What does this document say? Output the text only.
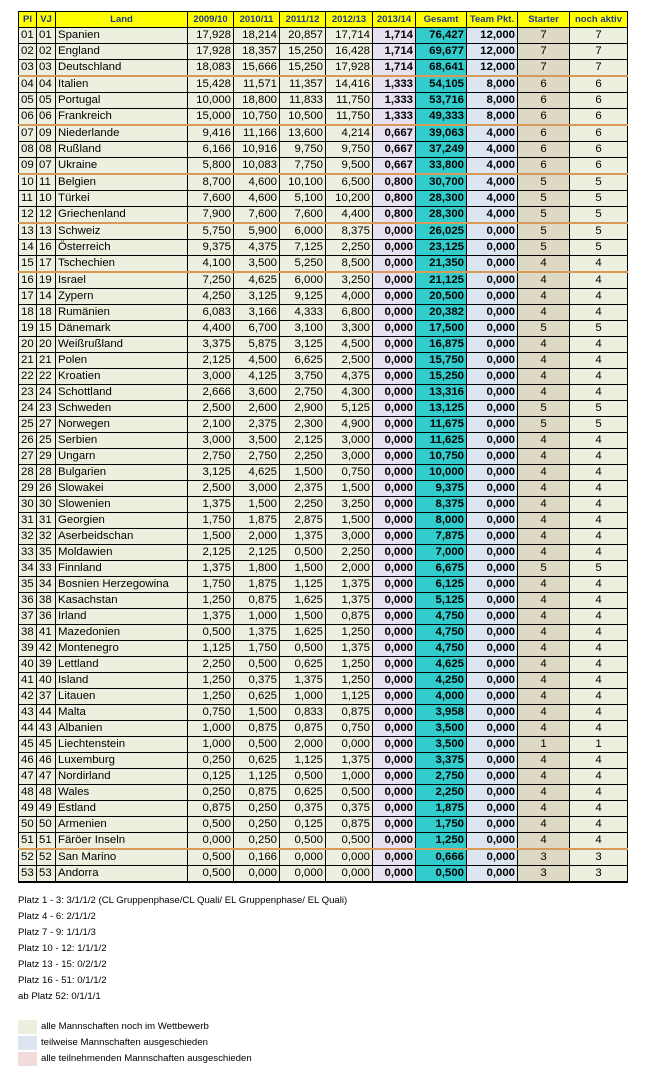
Pl	VJ	Land	2009/10	2010/11	2011/12	2012/13	2013/14	Gesamt	Team Pkt.	Starter	noch aktiv
01	01	Spanien	17,928	18,214	20,857	17,714	1,714	76,427	12,000	7	7
02	02	England	17,928	18,357	15,250	16,428	1,714	69,677	12,000	7	7
03	03	Deutschland	18,083	15,666	15,250	17,928	1,714	68,641	12,000	7	7
04	04	Italien	15,428	11,571	11,357	14,416	1,333	54,105	8,000	6	6
05	05	Portugal	10,000	18,800	11,833	11,750	1,333	53,716	8,000	6	6
06	06	Frankreich	15,000	10,750	10,500	11,750	1,333	49,333	8,000	6	6
07	09	Niederlande	9,416	11,166	13,600	4,214	0,667	39,063	4,000	6	6
08	08	Rußland	6,166	10,916	9,750	9,750	0,667	37,249	4,000	6	6
09	07	Ukraine	5,800	10,083	7,750	9,500	0,667	33,800	4,000	6	6
10	11	Belgien	8,700	4,600	10,100	6,500	0,800	30,700	4,000	5	5
11	10	Türkei	7,600	4,600	5,100	10,200	0,800	28,300	4,000	5	5
12	12	Griechenland	7,900	7,600	7,600	4,400	0,800	28,300	4,000	5	5
13	13	Schweiz	5,750	5,900	6,000	8,375	0,000	26,025	0,000	5	5
14	16	Österreich	9,375	4,375	7,125	2,250	0,000	23,125	0,000	5	5
15	17	Tschechien	4,100	3,500	5,250	8,500	0,000	21,350	0,000	4	4
16	19	Israel	7,250	4,625	6,000	3,250	0,000	21,125	0,000	4	4
17	14	Zypern	4,250	3,125	9,125	4,000	0,000	20,500	0,000	4	4
18	18	Rumänien	6,083	3,166	4,333	6,800	0,000	20,382	0,000	4	4
19	15	Dänemark	4,400	6,700	3,100	3,300	0,000	17,500	0,000	5	5
20	20	Weißrußland	3,375	5,875	3,125	4,500	0,000	16,875	0,000	4	4
21	21	Polen	2,125	4,500	6,625	2,500	0,000	15,750	0,000	4	4
22	22	Kroatien	3,000	4,125	3,750	4,375	0,000	15,250	0,000	4	4
23	24	Schottland	2,666	3,600	2,750	4,300	0,000	13,316	0,000	4	4
24	23	Schweden	2,500	2,600	2,900	5,125	0,000	13,125	0,000	5	5
25	27	Norwegen	2,100	2,375	2,300	4,900	0,000	11,675	0,000	5	5
26	25	Serbien	3,000	3,500	2,125	3,000	0,000	11,625	0,000	4	4
27	29	Ungarn	2,750	2,750	2,250	3,000	0,000	10,750	0,000	4	4
28	28	Bulgarien	3,125	4,625	1,500	0,750	0,000	10,000	0,000	4	4
29	26	Slowakei	2,500	3,000	2,375	1,500	0,000	9,375	0,000	4	4
30	30	Slowenien	1,375	1,500	2,250	3,250	0,000	8,375	0,000	4	4
31	31	Georgien	1,750	1,875	2,875	1,500	0,000	8,000	0,000	4	4
32	32	Aserbeidschan	1,500	2,000	1,375	3,000	0,000	7,875	0,000	4	4
33	35	Moldawien	2,125	2,125	0,500	2,250	0,000	7,000	0,000	4	4
34	33	Finnland	1,375	1,800	1,500	2,000	0,000	6,675	0,000	5	5
35	34	Bosnien Herzegowina	1,750	1,875	1,125	1,375	0,000	6,125	0,000	4	4
36	38	Kasachstan	1,250	0,875	1,625	1,375	0,000	5,125	0,000	4	4
37	36	Irland	1,375	1,000	1,500	0,875	0,000	4,750	0,000	4	4
38	41	Mazedonien	0,500	1,375	1,625	1,250	0,000	4,750	0,000	4	4
39	42	Montenegro	1,125	1,750	0,500	1,375	0,000	4,750	0,000	4	4
40	39	Lettland	2,250	0,500	0,625	1,250	0,000	4,625	0,000	4	4
41	40	Island	1,250	0,375	1,375	1,250	0,000	4,250	0,000	4	4
42	37	Litauen	1,250	0,625	1,000	1,125	0,000	4,000	0,000	4	4
43	44	Malta	0,750	1,500	0,833	0,875	0,000	3,958	0,000	4	4
44	43	Albanien	1,000	0,875	0,875	0,750	0,000	3,500	0,000	4	4
45	45	Liechtenstein	1,000	0,500	2,000	0,000	0,000	3,500	0,000	1	1
46	46	Luxemburg	0,250	0,625	1,125	1,375	0,000	3,375	0,000	4	4
47	47	Nordirland	0,125	1,125	0,500	1,000	0,000	2,750	0,000	4	4
48	48	Wales	0,250	0,875	0,625	0,500	0,000	2,250	0,000	4	4
49	49	Estland	0,875	0,250	0,375	0,375	0,000	1,875	0,000	4	4
50	50	Armenien	0,500	0,250	0,125	0,875	0,000	1,750	0,000	4	4
51	51	Färöer Inseln	0,000	0,250	0,500	0,500	0,000	1,250	0,000	4	4
52	52	San Marino	0,500	0,166	0,000	0,000	0,000	0,666	0,000	3	3
53	53	Andorra	0,500	0,000	0,000	0,000	0,000	0,500	0,000	3	3
Platz 1 - 3: 3/1/1/2 (CL Gruppenphase/CL Quali/ EL Gruppenphase/ EL Quali)
Platz 4 - 6: 2/1/1/2
Platz 7 - 9: 1/1/1/3
Platz 10 - 12: 1/1/1/2
Platz 13 - 15: 0/2/1/2
Platz 16 - 51: 0/1/1/2
ab Platz 52: 0/1/1/1
alle Mannschaften noch im Wettbewerb
teilweise Mannschaften ausgeschieden
alle teilnehmenden Mannschaften ausgeschieden
